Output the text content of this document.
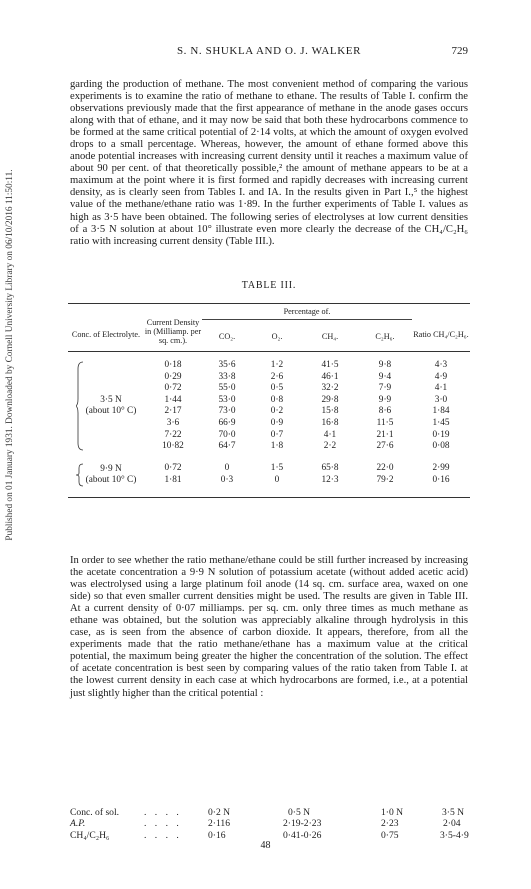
Published on 01 January 1931. Downloaded by Cornell University Library on 06/10/2016 11:50:11.
S. N. SHUKLA AND O. J. WALKER	729

garding the production of methane. The most convenient method of comparing the various experiments is to examine the ratio of methane to ethane. The results of Table I. confirm the observations previously made that the first appearance of methane in the anode gases occurs along with that of ethane, and it may now be said that both these hydrocarbons commence to be formed at the same critical potential of 2·14 volts, at which the amount of oxygen evolved drops to a small percentage. Whereas, however, the amount of ethane formed above this anode potential increases with increasing current density until it reaches a maximum value of about 90 per cent. of that theoretically possible,² the amount of methane appears to be at a maximum at the point where it is first formed and rapidly decreases with increasing current density, as is clearly seen from Tables I. and IA. In the results given in Part I.,⁵ the highest value of the methane/ethane ratio was 1·89. In the further experiments of Table I. values as high as 3·5 have been obtained. The following series of electrolyses at low current densities of a 3·5 N solution at about 10° illustrate even more clearly the decrease of the CH₄/C₂H₆ ratio with increasing current density (Table III.).

TABLE III.

Conc. of Electrolyte.	Current Density in (Milliamp. per sq. cm.).	Percentage of.				Ratio CH₄/C₂H₆.
		CO₂.	O₂.	CH₄.	C₂H₆.	

3·5 N
(about 10° C)	0·18	35·6	1·2	41·5	9·8	4·3
	0·29	33·8	2·6	46·1	9·4	4·9
	0·72	55·0	0·5	32·2	7·9	4·1
	1·44	53·0	0·8	29·8	9·9	3·0
	2·17	73·0	0·2	15·8	8·6	1·84
	3·6	66·9	0·9	16·8	11·5	1·45
	7·22	70·0	0·7	4·1	21·1	0·19
	10·82	64·7	1·8	2·2	27·6	0·08

9·9 N
(about 10° C)	0·72	0	1·5	65·8	22·0	2·99
	1·81	0·3	0	12·3	79·2	0·16

In order to see whether the ratio methane/ethane could be still further increased by increasing the acetate concentration a 9·9 N solution of potassium acetate (without added acetic acid) was electrolysed using a large platinum foil anode (14 sq. cm. surface area, waxed on one side) so that even smaller current densities might be used. The results are given in Table III. At a current density of 0·07 milliamps. per sq. cm. only three times as much methane as ethane was obtained, but the solution was appreciably alkaline through hydrolysis in this case, as is seen from the absence of carbon dioxide. It appears, therefore, from all the experiments made that the ratio methane/ethane has a maximum value at the critical potential, the maximum being greater the higher the concentration of the solution. The effect of acetate concentration is best seen by comparing values of the ratio taken from Table I. at the lowest current density in each case at which hydrocarbons are formed, i.e., at a potential just slightly higher than the critical potential :

Conc. of sol.	. . . .	0·2 N	0·5 N	1·0 N	3·5 N
A.P.	. . . .	2·116	2·19-2·23	2·23	2·04
CH₄/C₂H₆	. . . .	0·16	0·41-0·26	0·75	3·5-4·9
48
